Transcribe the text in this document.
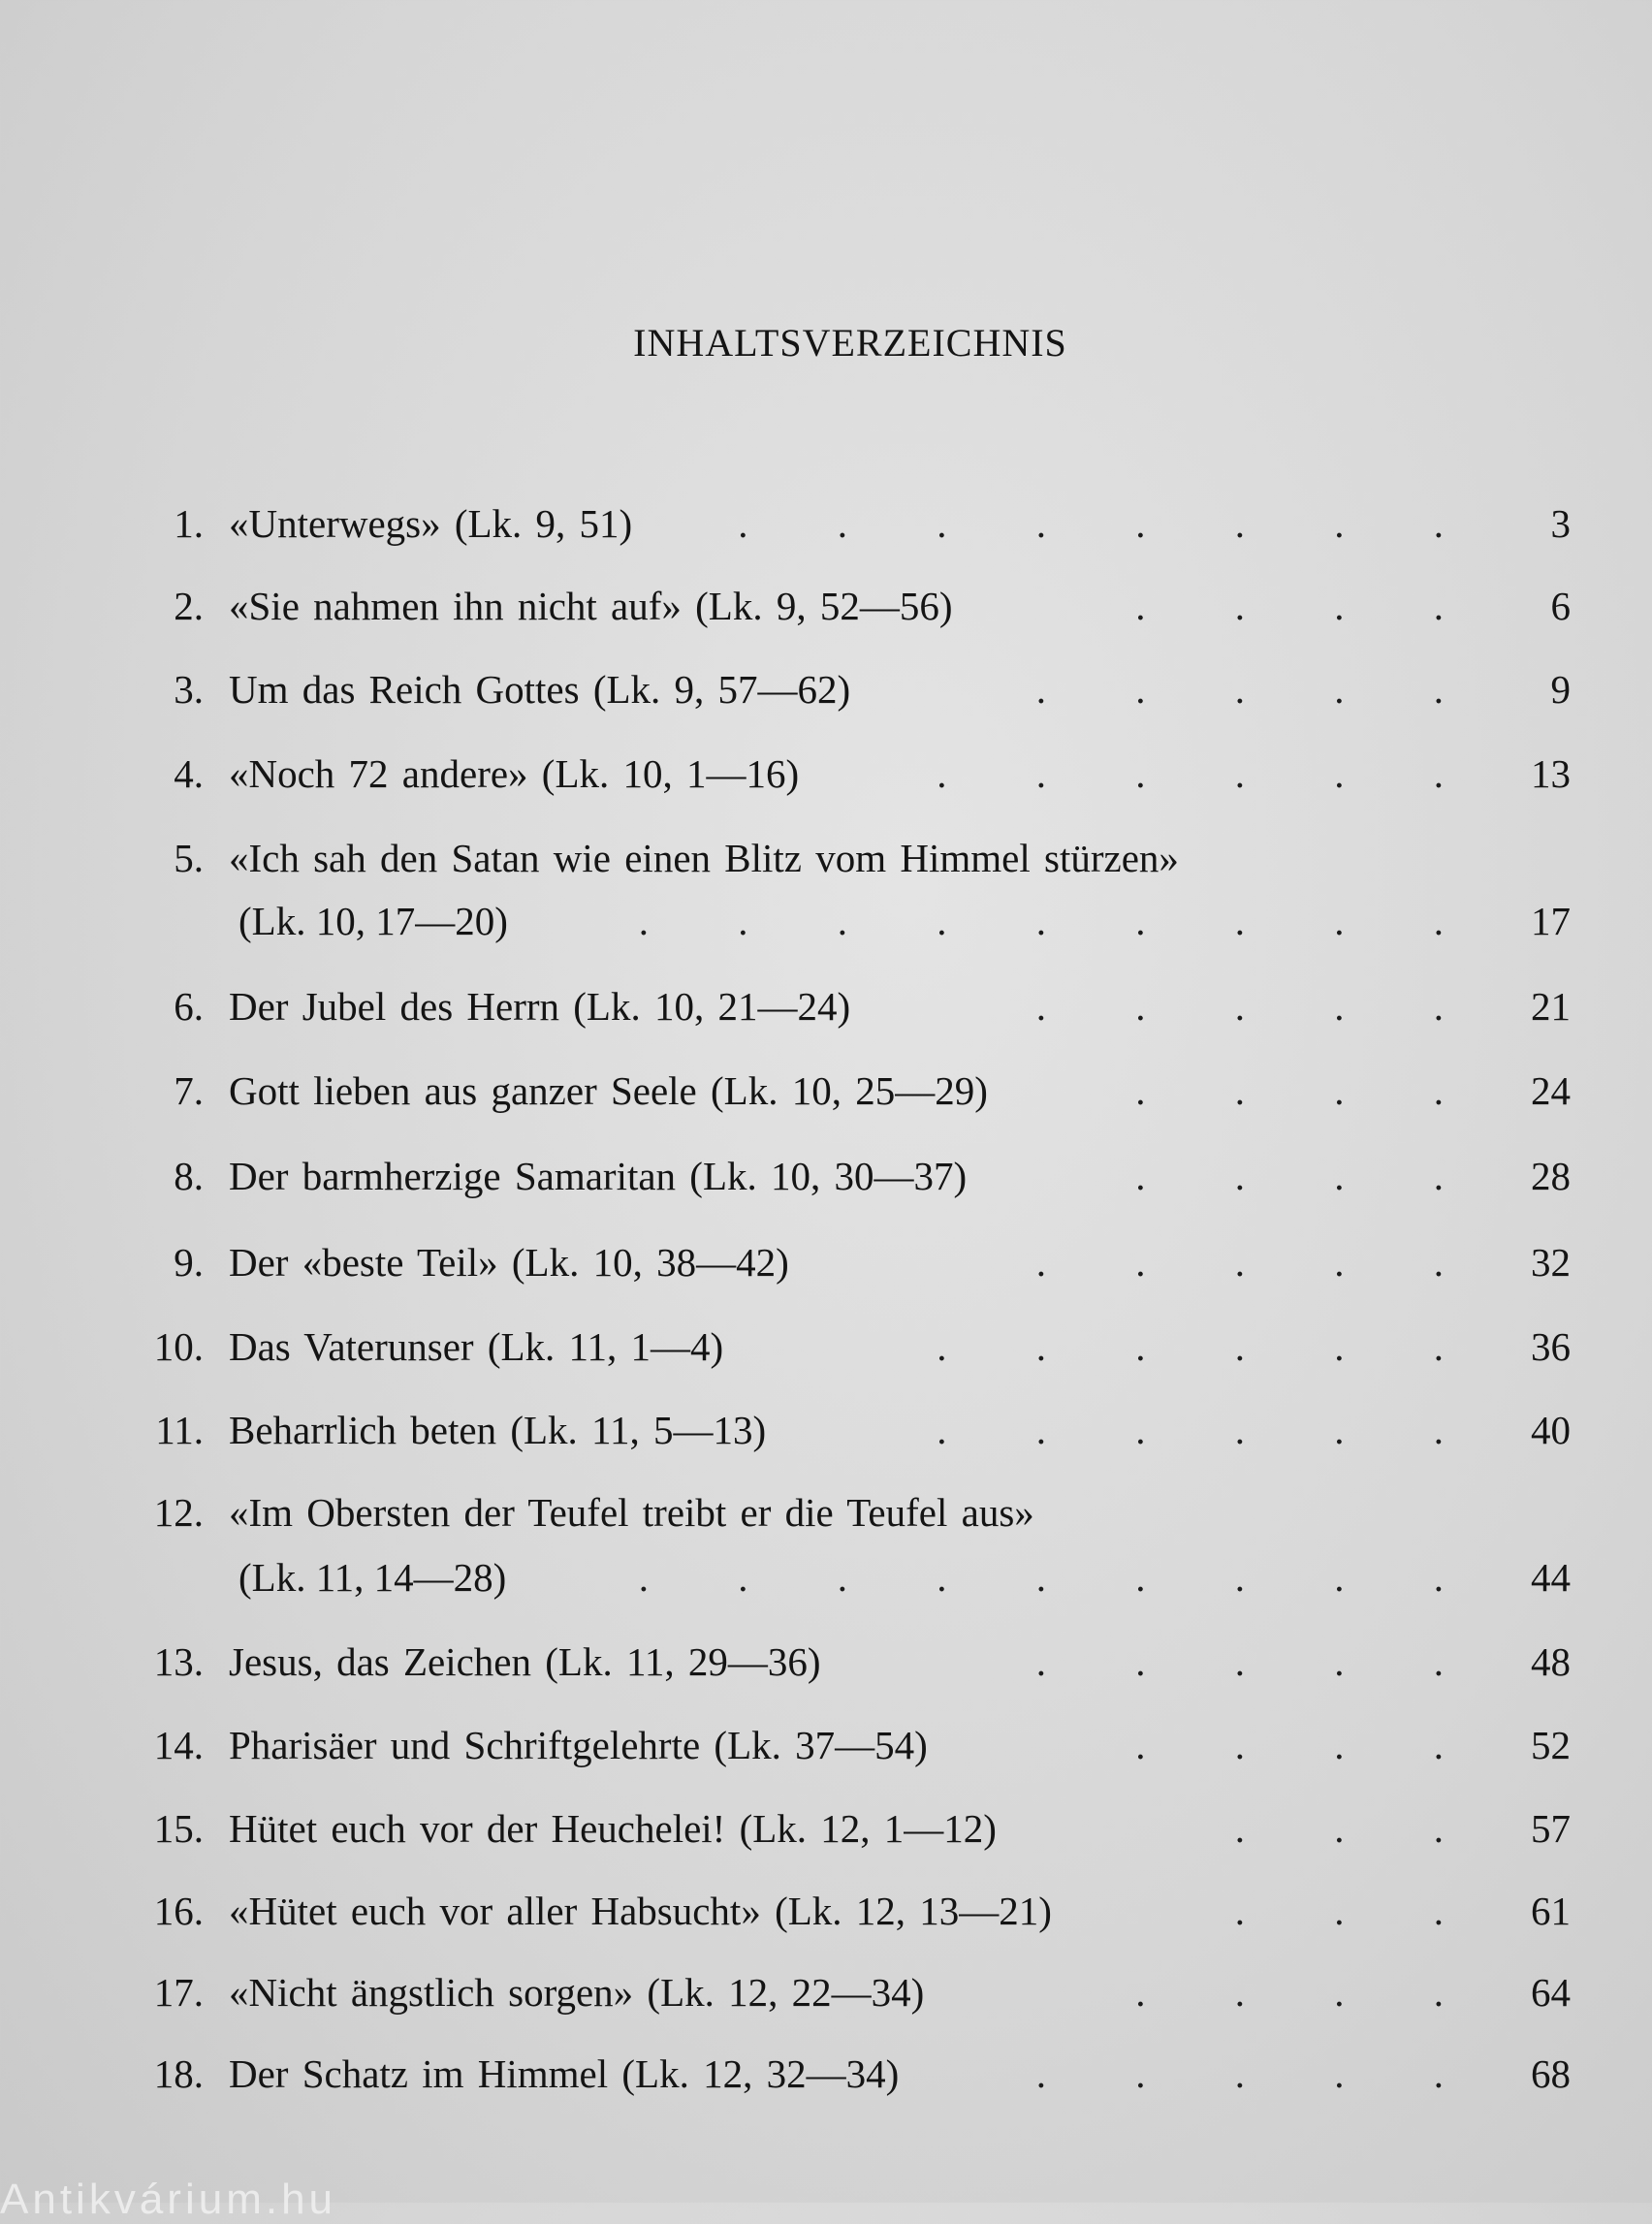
INHALTSVERZEICHNIS
1. «Unterwegs» (Lk. 9, 51)	.         .         .         .         .         .         .         .	3
2. «Sie nahmen ihn nicht auf» (Lk. 9, 52—56)	.         .         .         .	6
3. Um das Reich Gottes (Lk. 9, 57—62)	.         .         .         .         .	9
4. «Noch 72 andere» (Lk. 10, 1—16)	.         .         .         .         .         .	13
5. «Ich sah den Satan wie einen Blitz vom Himmel stürzen»
(Lk. 10, 17—20)	.         .         .         .         .         .         .         .         .	17
6. Der Jubel des Herrn (Lk. 10, 21—24)	.         .         .         .         .	21
7. Gott lieben aus ganzer Seele (Lk. 10, 25—29)	.         .         .         .	24
8. Der barmherzige Samaritan (Lk. 10, 30—37)	.         .         .         .	28
9. Der «beste Teil» (Lk. 10, 38—42)	.         .         .         .         .	32
10. Das Vaterunser (Lk. 11, 1—4)	.         .         .         .         .         .	36
11. Beharrlich beten (Lk. 11, 5—13)	.         .         .         .         .         .	40
12. «Im Obersten der Teufel treibt er die Teufel aus»
(Lk. 11, 14—28)	.         .         .         .         .         .         .         .         .	44
13. Jesus, das Zeichen (Lk. 11, 29—36)	.         .         .         .         .	48
14. Pharisäer und Schriftgelehrte (Lk. 37—54)	.         .         .         .	52
15. Hütet euch vor der Heuchelei! (Lk. 12, 1—12)	.         .         .	57
16. «Hütet euch vor aller Habsucht» (Lk. 12, 13—21)	.         .         .	61
17. «Nicht ängstlich sorgen» (Lk. 12, 22—34)	.         .         .         .	64
18. Der Schatz im Himmel (Lk. 12, 32—34)	.         .         .         .         .	68
Antikvárium.hu
